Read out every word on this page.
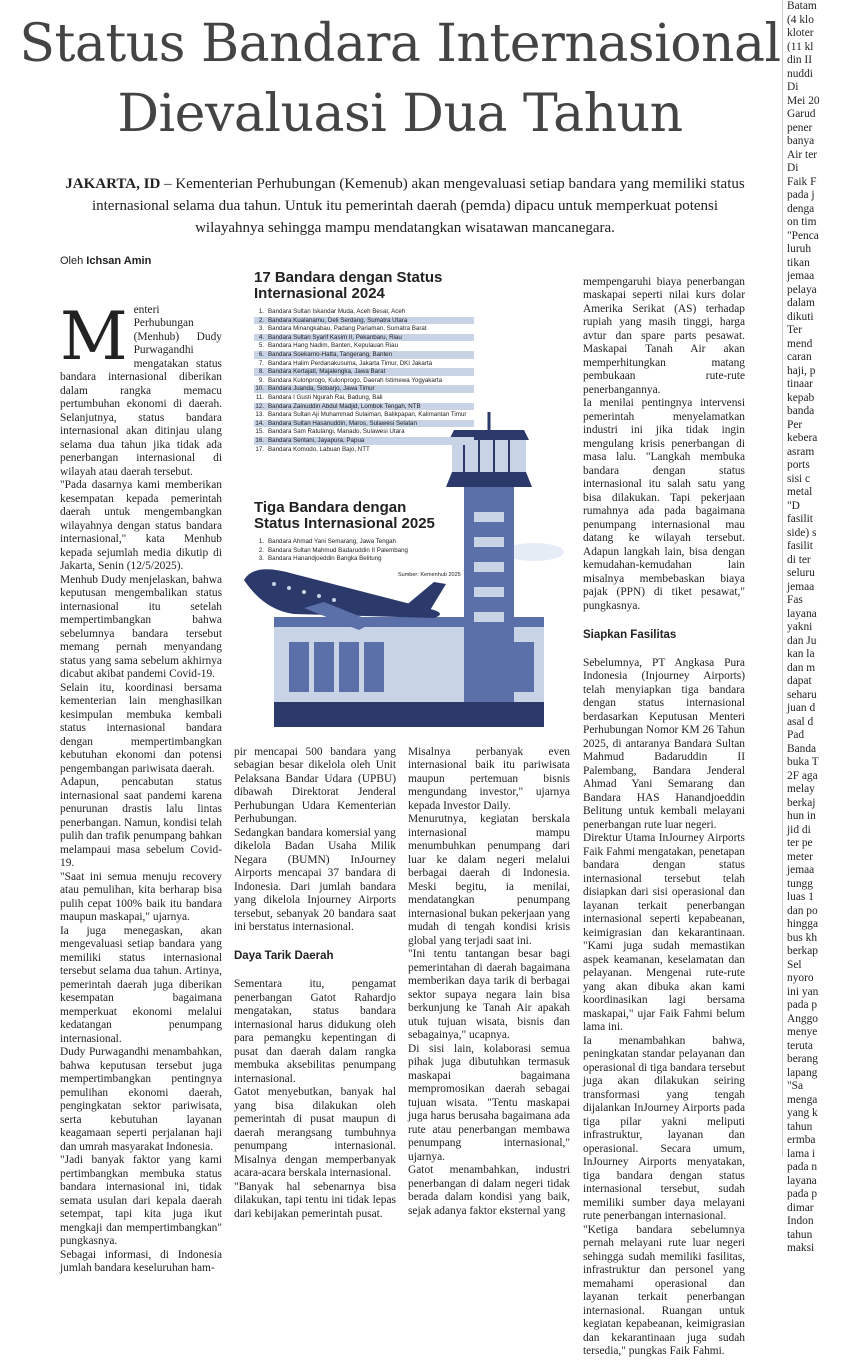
Status Bandara Internasional
Dievaluasi Dua Tahun
JAKARTA, ID – Kementerian Perhubungan (Kemenub) akan mengevaluasi setiap bandara yang memiliki status internasional selama dua tahun. Untuk itu pemerintah daerah (pemda) dipacu untuk memperkuat potensi wilayahnya sehingga mampu mendatangkan wisatawan mancanegara.
Oleh Ichsan Amin

Menteri Perhubungan (Menhub) Dudy Purwagandhi mengatakan status bandara internasional diberikan dalam rangka memacu pertumbuhan ekonomi di daerah. Selanjutnya, status bandara internasional akan ditinjau ulang selama dua tahun jika tidak ada penerbangan internasional di wilayah atau daerah tersebut.
"Pada dasarnya kami memberikan kesempatan kepada pemerintah daerah untuk mengembangkan wilayahnya dengan status bandara internasional," kata Menhub kepada sejumlah media dikutip di Jakarta, Senin (12/5/2025).
Menhub Dudy menjelaskan, bahwa keputusan mengembalikan status internasional itu setelah mempertimbangkan bahwa sebelumnya bandara tersebut memang pernah menyandang status yang sama sebelum akhirnya dicabut akibat pandemi Covid-19.
Selain itu, koordinasi bersama kementerian lain menghasilkan kesimpulan membuka kembali status internasional bandara dengan mempertimbangkan kebutuhan ekonomi dan potensi pengembangan pariwisata daerah.
Adapun, pencabutan status internasional saat pandemi karena penurunan drastis lalu lintas penerbangan. Namun, kondisi telah pulih dan trafik penumpang bahkan melampaui masa sebelum Covid-19.
"Saat ini semua menuju recovery atau pemulihan, kita berharap bisa pulih cepat 100% baik itu bandara maupun maskapai," ujarnya.
Ia juga menegaskan, akan mengevaluasi setiap bandara yang memiliki status internasional tersebut selama dua tahun. Artinya, pemerintah daerah juga diberikan kesempatan bagaimana memperkuat ekonomi melalui kedatangan penumpang internasional.
Dudy Purwagandhi menambahkan, bahwa keputusan tersebut juga mempertimbangkan pentingnya pemulihan ekonomi daerah, pengingkatan sektor pariwisata, serta kebutuhan layanan keagamaan seperti perjalanan haji dan umrah masyarakat Indonesia.
"Jadi banyak faktor yang kami pertimbangkan membuka status bandara internasional ini, tidak semata usulan dari kepala daerah setempat, tapi kita juga ikut mengkaji dan mempertimbangkan" pungkasnya.
Sebagai informasi, di Indonesia jumlah bandara keseluruhan ham-

pir mencapai 500 bandara yang sebagian besar dikelola oleh Unit Pelaksana Bandar Udara (UPBU) dibawah Direktorat Jenderal Perhubungan Udara Kementerian Perhubungan.
Sedangkan bandara komersial yang dikelola Badan Usaha Milik Negara (BUMN) InJourney Airports mencapai 37 bandara di Indonesia. Dari jumlah bandara yang dikelola Injourney Airports tersebut, sebanyak 20 bandara saat ini berstatus internasional.

Daya Tarik Daerah

Sementara itu, pengamat penerbangan Gatot Rahardjo mengatakan, status bandara internasional harus didukung oleh para pemangku kepentingan di pusat dan daerah dalam rangka membuka aksebilitas penumpang internasional.
Gatot menyebutkan, banyak hal yang bisa dilakukan oleh pemerintah di pusat maupun di daerah merangsang tumbuhnya penumpang internasional. Misalnya dengan memperbanyak acara-acara berskala internasional.
"Banyak hal sebenarnya bisa dilakukan, tapi tentu ini tidak lepas dari kebijakan pemerintah pusat.

Misalnya perbanyak even internasional baik itu pariwisata maupun pertemuan bisnis mengundang investor," ujarnya kepada Investor Daily.
Menurutnya, kegiatan berskala internasional mampu menumbuhkan penumpang dari luar ke dalam negeri melalui berbagai daerah di Indonesia. Meski begitu, ia menilai, mendatangkan penumpang internasional bukan pekerjaan yang mudah di tengah kondisi krisis global yang terjadi saat ini.
"Ini tentu tantangan besar bagi pemerintahan di daerah bagaimana memberikan daya tarik di berbagai sektor supaya negara lain bisa berkunjung ke Tanah Air apakah utuk tujuan wisata, bisnis dan sebagainya," ucapnya.
Di sisi lain, kolaborasi semua pihak juga dibutuhkan termasuk maskapai bagaimana mempromosikan daerah sebagai tujuan wisata. "Tentu maskapai juga harus berusaha bagaimana ada rute atau penerbangan membawa penumpang internasional," ujarnya.
Gatot menambahkan, industri penerbangan di dalam negeri tidak berada dalam kondisi yang baik, sejak adanya faktor eksternal yang

mempengaruhi biaya penerbangan maskapai seperti nilai kurs dolar Amerika Serikat (AS) terhadap rupiah yang masih tinggi, harga avtur dan spare parts pesawat. Maskapai Tanah Air akan memperhitungkan matang pembukaan rute-rute penerbangannya.
Ia menilai pentingnya intervensi pemerintah menyelamatkan industri ini jika tidak ingin mengulang krisis penerbangan di masa lalu. "Langkah membuka bandara dengan status internasional itu salah satu yang bisa dilakukan. Tapi pekerjaan rumahnya ada pada bagaimana penumpang internasional mau datang ke wilayah tersebut. Adapun langkah lain, bisa dengan kemudahan-kemudahan lain misalnya membebaskan biaya pajak (PPN) di tiket pesawat," pungkasnya.

Siapkan Fasilitas

Sebelumnya, PT Angkasa Pura Indonesia (Injourney Airports) telah menyiapkan tiga bandara dengan status internasional berdasarkan Keputusan Menteri Perhubungan Nomor KM 26 Tahun 2025, di antaranya Bandara Sultan Mahmud Badaruddin II Palembang, Bandara Jenderal Ahmad Yani Semarang dan Bandara HAS Hanandjoeddin Belitung untuk kembali melayani penerbangan rute luar negeri.
Direktur Utama InJourney Airports Faik Fahmi mengatakan, penetapan bandara dengan status internasional tersebut telah disiapkan dari sisi operasional dan layanan terkait penerbangan internasional seperti kepabeanan, keimigrasian dan kekarantinaan. "Kami juga sudah memastikan aspek keamanan, keselamatan dan pelayanan. Mengenai rute-rute yang akan dibuka akan kami koordinasikan lagi bersama maskapai," ujar Faik Fahmi belum lama ini.
Ia menambahkan bahwa, peningkatan standar pelayanan dan operasional di tiga bandara tersebut juga akan dilakukan seiring transformasi yang tengah dijalankan InJourney Airports pada tiga pilar yakni meliputi infrastruktur, layanan dan operasional. Secara umum, InJourney Airports menyatakan, tiga bandara dengan status internasional tersebut, sudah memiliki sumber daya melayani rute penerbangan internasional.
"Ketiga bandara sebelumnya pernah melayani rute luar negeri sehingga sudah memiliki fasilitas, infrastruktur dan personel yang memahami operasional dan layanan terkait penerbangan internasional. Ruangan untuk kegiatan kepabeanan, keimigrasian dan kekarantinaan juga sudah tersedia," pungkas Faik Fahmi.

Batam
(4 klo
kloter
(11 kl
din II
nuddi
Di
Mei 20
Garud
pener
banya
Air ter
Di
Faik F
pada j
denga
on tim
"Penca
luruh
tikan
jemaa
pelaya
dalam
dikuti
Ter
mend
caran
haji, p
tinaar
kepab
banda
Per
kebera
asram
ports
sisi c
metal
"D
fasilit
side) s
fasilit
di ter
seluru
jemaa
Fas
layana
yakni
dan Ju
kan la
dan m
dapat
seharu
juan d
asal d
Pad
Banda
buka T
2F aga
melay
berkaj
hun in
jid di
ter pe
meter
jemaa
tungg
luas 1
dan po
hingga
bus kh
berkap
Sel
nyoro
ini yan
pada p
Anggo
menye
teruta
berang
lapang
"Sa
menga
yang k
tahun
ermba
lama i
pada n
layana
pada p
dimar
Indon
tahun
maksi
17 Bandara dengan Status Internasional 2024
1. Bandara Sultan Iskandar Muda, Aceh Besar, Aceh
2. Bandara Kualanamu, Deli Serdang, Sumatra Utara
3. Bandara Minangkabau, Padang Pariaman, Sumatra Barat
4. Bandara Sultan Syarif Kasim II, Pekanbaru, Riau
5. Bandara Hang Nadim, Banten, Kepulauan Riau
6. Bandara Soekarno-Hatta, Tangerang, Banten
7. Bandara Halim Perdanakusuma, Jakarta Timur, DKI Jakarta
8. Bandara Kertajati, Majalengka, Jawa Barat
9. Bandara Kulonprogo, Kulonprogo, Daerah Istimewa Yogyakarta
10. Bandara Juanda, Sidoarjo, Jawa Timur
11. Bandara I Gusti Ngurah Rai, Badung, Bali
12. Bandara Zainuddin Abdul Madjid, Lombok Tengah, NTB
13. Bandara Sultan Aji Muhammad Sulaiman, Balikpapan, Kalimantan Timur
14. Bandara Sultan Hasanuddin, Maros, Sulawesi Selatan
15. Bandara Sam Ratulangi, Manado, Sulawesi Utara
16. Bandara Sentani, Jayapura, Papua
17. Bandara Komodo, Labuan Bajo, NTT
Tiga Bandara dengan Status Internasional 2025
1. Bandara Ahmad Yani Semarang, Jawa Tengah
2. Bandara Sultan Mahmud Badaruddin II Palembang
3. Bandara Hanandjoeddin Bangka Belitung
Sumber: Kemenhub 2025
